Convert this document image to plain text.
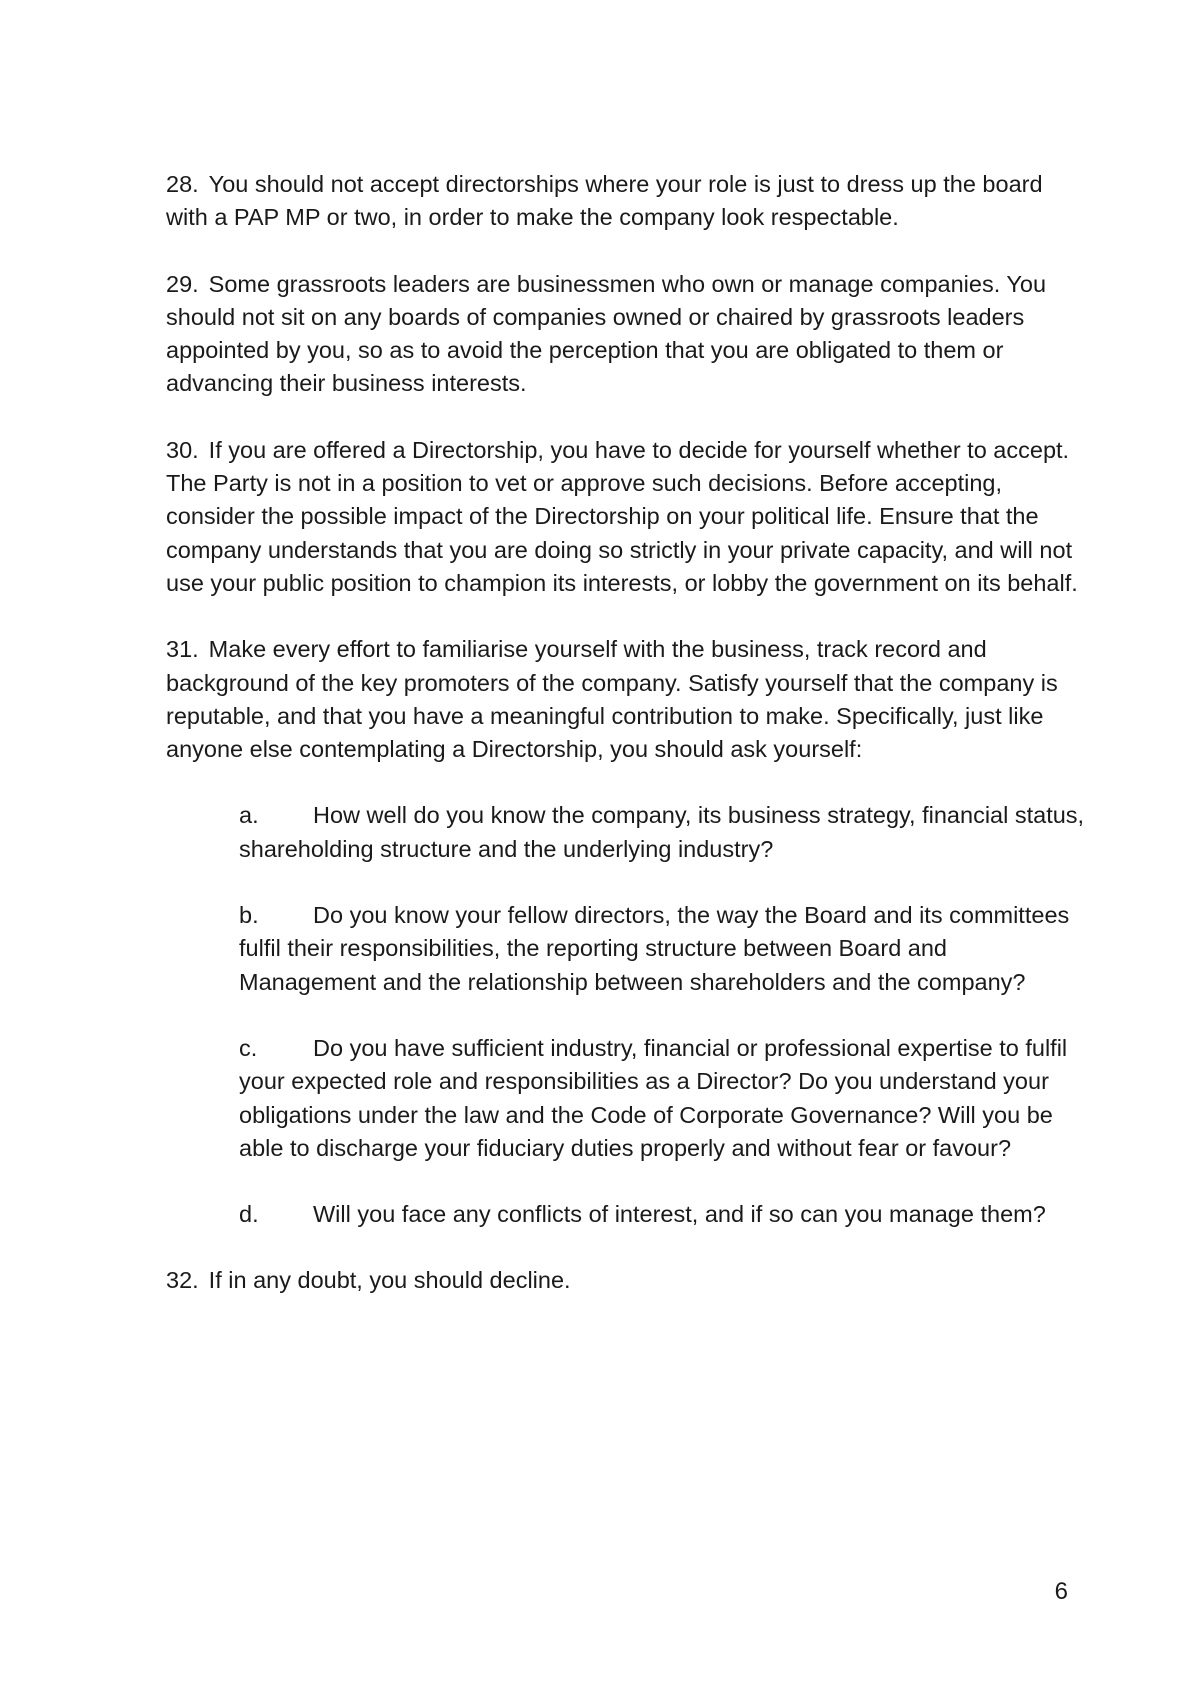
28. You should not accept directorships where your role is just to dress up the board with a PAP MP or two, in order to make the company look respectable.

29. Some grassroots leaders are businessmen who own or manage companies. You should not sit on any boards of companies owned or chaired by grassroots leaders appointed by you, so as to avoid the perception that you are obligated to them or advancing their business interests.

30. If you are offered a Directorship, you have to decide for yourself whether to accept. The Party is not in a position to vet or approve such decisions. Before accepting, consider the possible impact of the Directorship on your political life. Ensure that the company understands that you are doing so strictly in your private capacity, and will not use your public position to champion its interests, or lobby the government on its behalf.

31. Make every effort to familiarise yourself with the business, track record and background of the key promoters of the company. Satisfy yourself that the company is reputable, and that you have a meaningful contribution to make. Specifically, just like anyone else contemplating a Directorship, you should ask yourself:

a. How well do you know the company, its business strategy, financial status, shareholding structure and the underlying industry?

b. Do you know your fellow directors, the way the Board and its committees fulfil their responsibilities, the reporting structure between Board and Management and the relationship between shareholders and the company?

c. Do you have sufficient industry, financial or professional expertise to fulfil your expected role and responsibilities as a Director? Do you understand your obligations under the law and the Code of Corporate Governance? Will you be able to discharge your fiduciary duties properly and without fear or favour?

d. Will you face any conflicts of interest, and if so can you manage them?

32. If in any doubt, you should decline.

6
